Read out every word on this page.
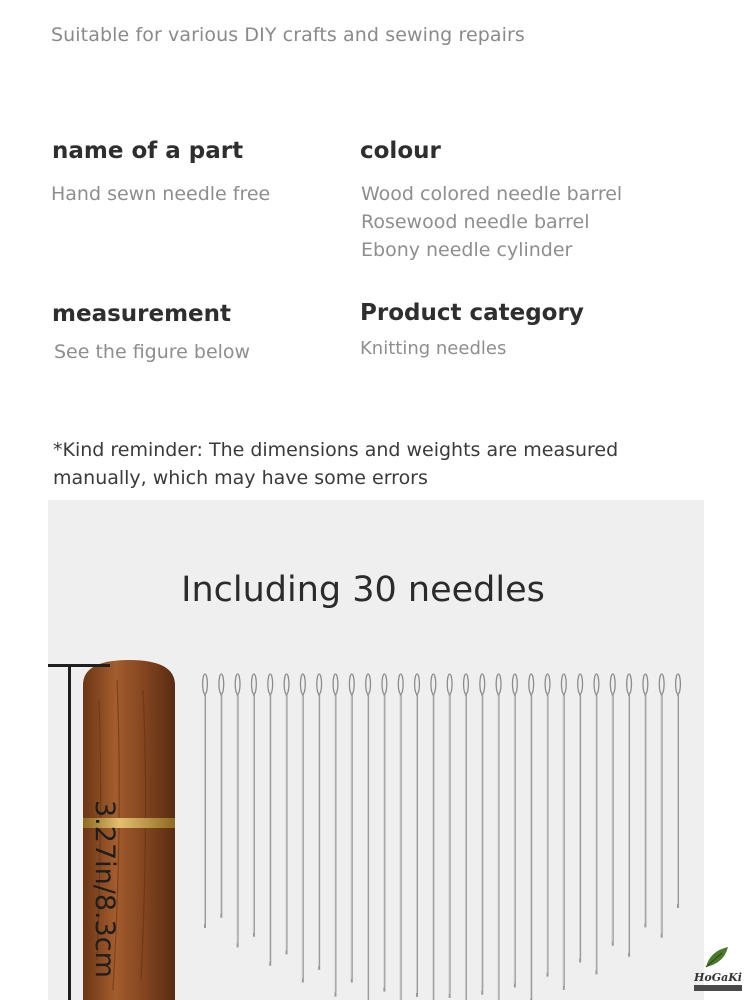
Suitable for various DIY crafts and sewing repairs
name of a part
Hand sewn needle free
colour
Wood colored needle barrel
Rosewood needle barrel
Ebony needle cylinder
measurement
See the figure below
Product category
Knitting needles
*Kind reminder: The dimensions and weights are measured manually, which may have some errors
Including 30 needles
3.27in/8.3cm	HoGaKi
